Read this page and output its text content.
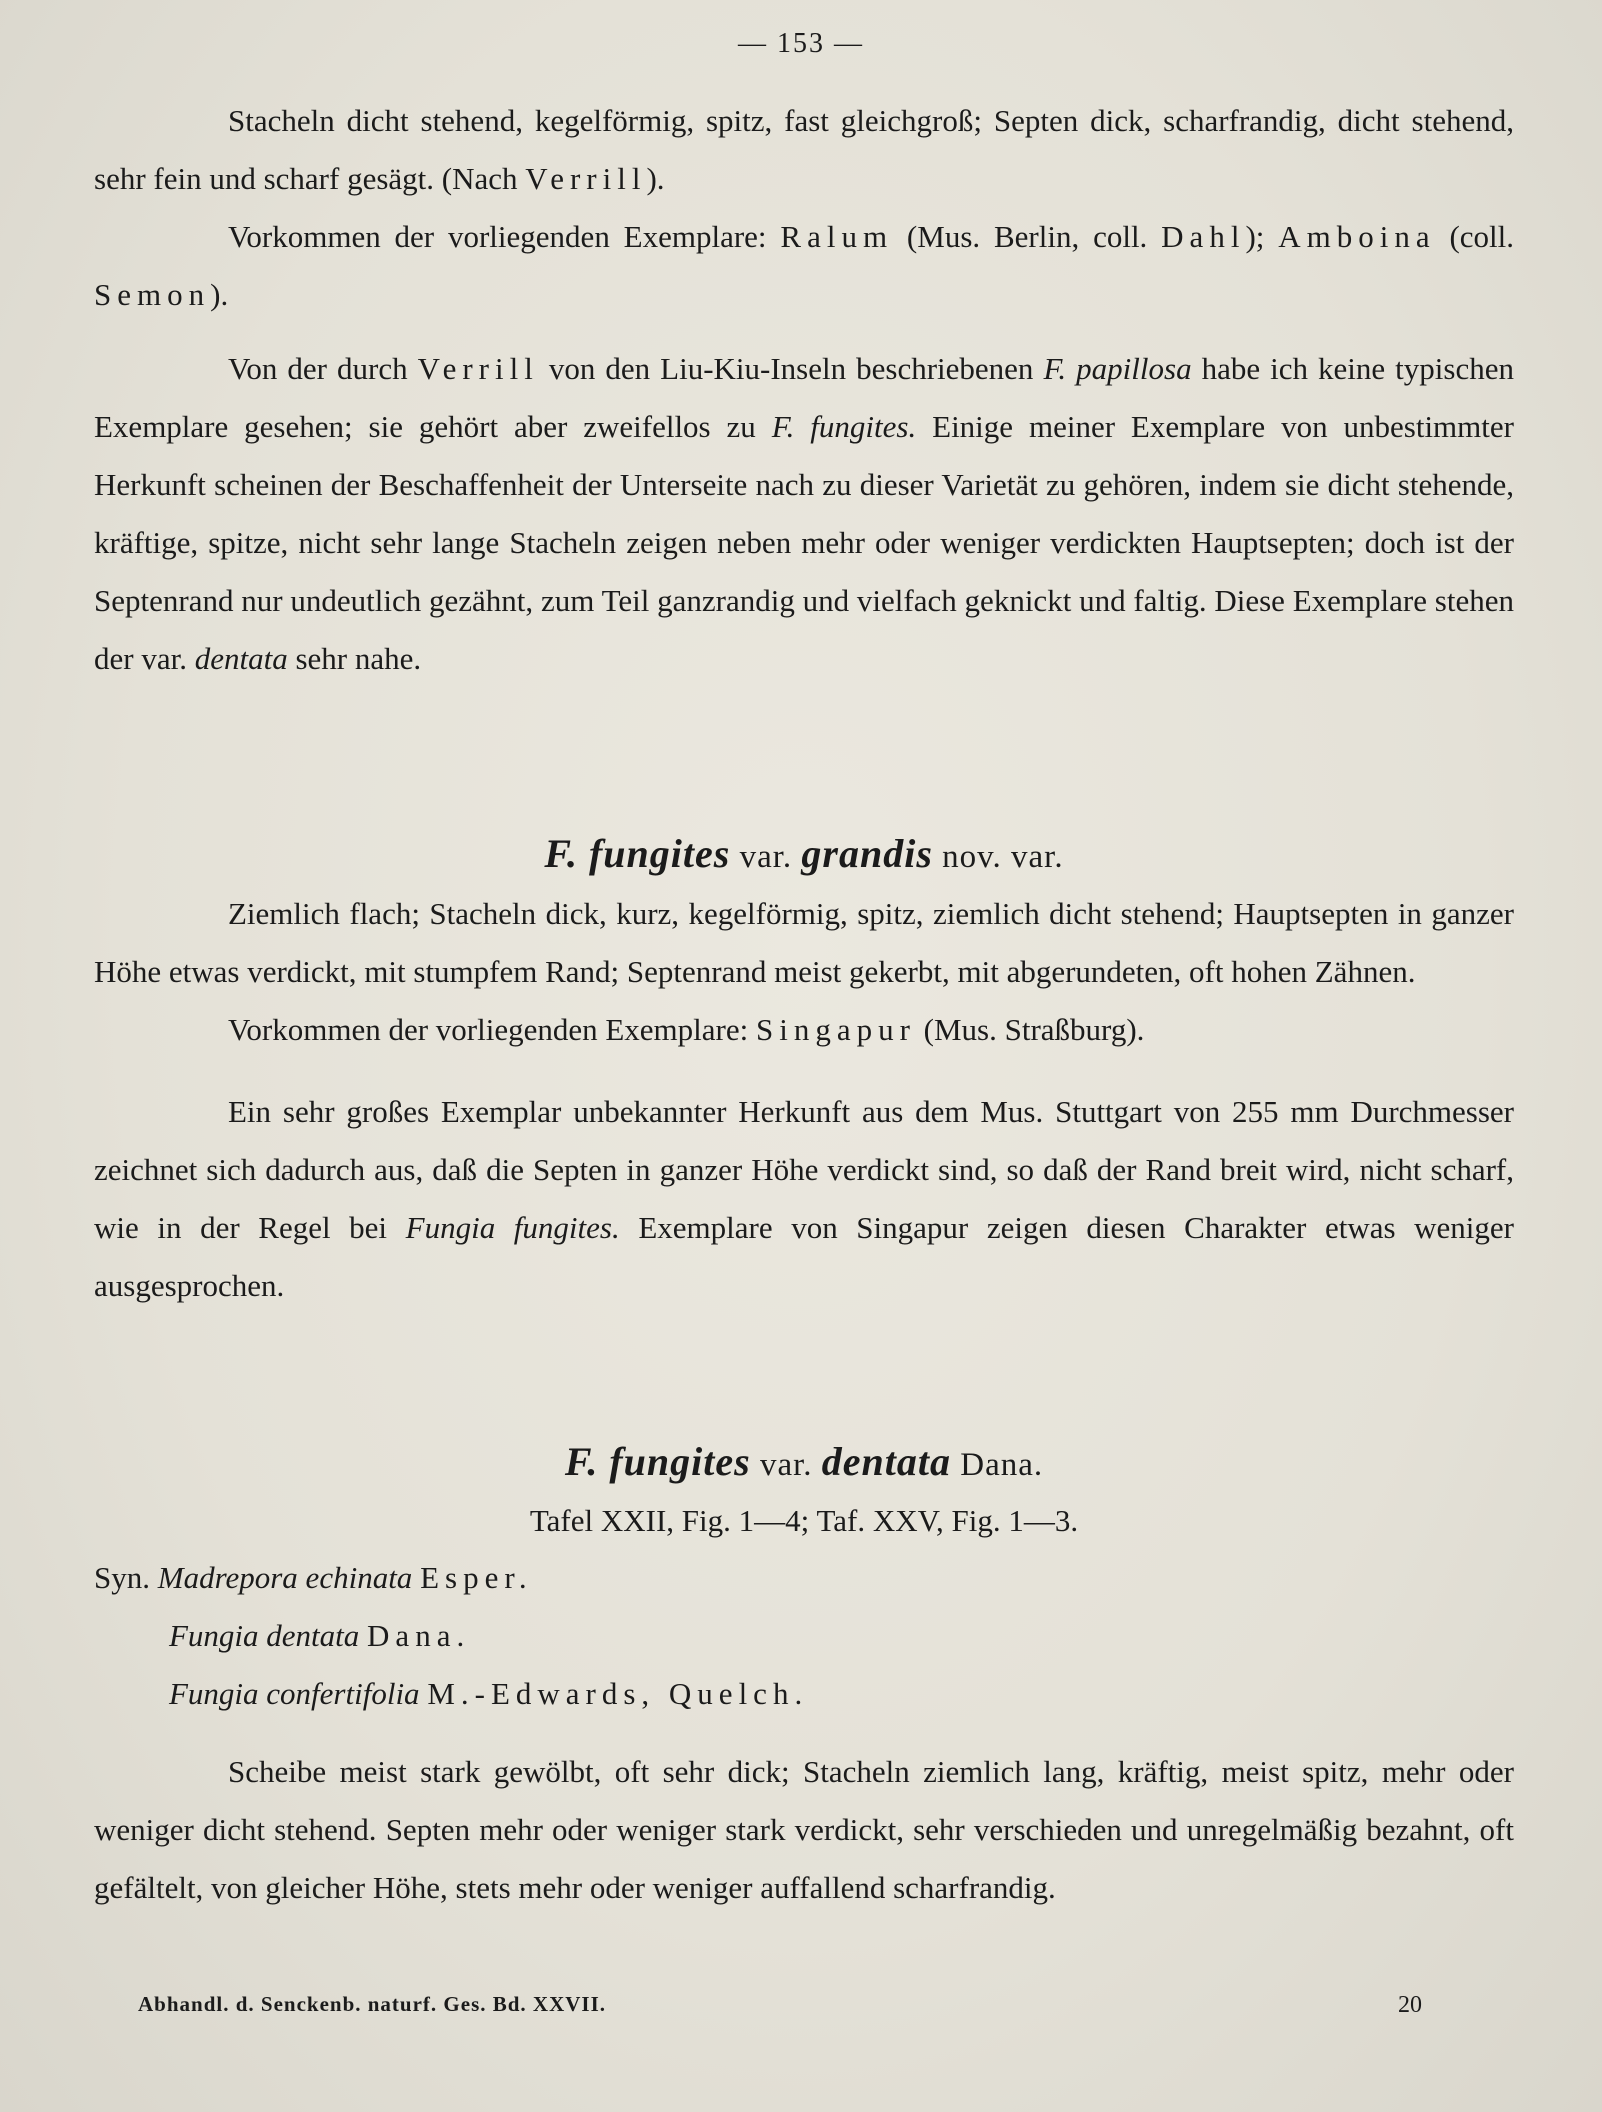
— 153 —

Stacheln dicht stehend, kegelförmig, spitz, fast gleichgroß; Septen dick, scharfrandig, dicht stehend, sehr fein und scharf gesägt. (Nach Verrill).

Vorkommen der vorliegenden Exemplare: Ralum (Mus. Berlin, coll. Dahl); Amboina (coll. Semon).

Von der durch Verrill von den Liu-Kiu-Inseln beschriebenen F. papillosa habe ich keine typischen Exemplare gesehen; sie gehört aber zweifellos zu F. fungites. Einige meiner Exemplare von unbestimmter Herkunft scheinen der Beschaffenheit der Unterseite nach zu dieser Varietät zu gehören, indem sie dicht stehende, kräftige, spitze, nicht sehr lange Stacheln zeigen neben mehr oder weniger verdickten Hauptsepten; doch ist der Septenrand nur undeutlich gezähnt, zum Teil ganzrandig und vielfach geknickt und faltig. Diese Exemplare stehen der var. dentata sehr nahe.

F. fungites var. grandis nov. var.

Ziemlich flach; Stacheln dick, kurz, kegelförmig, spitz, ziemlich dicht stehend; Hauptsepten in ganzer Höhe etwas verdickt, mit stumpfem Rand; Septenrand meist gekerbt, mit abgerundeten, oft hohen Zähnen.

Vorkommen der vorliegenden Exemplare: Singapur (Mus. Straßburg).

Ein sehr großes Exemplar unbekannter Herkunft aus dem Mus. Stuttgart von 255 mm Durchmesser zeichnet sich dadurch aus, daß die Septen in ganzer Höhe verdickt sind, so daß der Rand breit wird, nicht scharf, wie in der Regel bei Fungia fungites. Exemplare von Singapur zeigen diesen Charakter etwas weniger ausgesprochen.

F. fungites var. dentata Dana.
Tafel XXII, Fig. 1—4; Taf. XXV, Fig. 1—3.
Syn. Madrepora echinata Esper.
Fungia dentata Dana.
Fungia confertifolia M.-Edwards, Quelch.

Scheibe meist stark gewölbt, oft sehr dick; Stacheln ziemlich lang, kräftig, meist spitz, mehr oder weniger dicht stehend. Septen mehr oder weniger stark verdickt, sehr verschieden und unregelmäßig bezahnt, oft gefältelt, von gleicher Höhe, stets mehr oder weniger auffallend scharfrandig.

Abhandl. d. Senckenb. naturf. Ges. Bd. XXVII.	20
